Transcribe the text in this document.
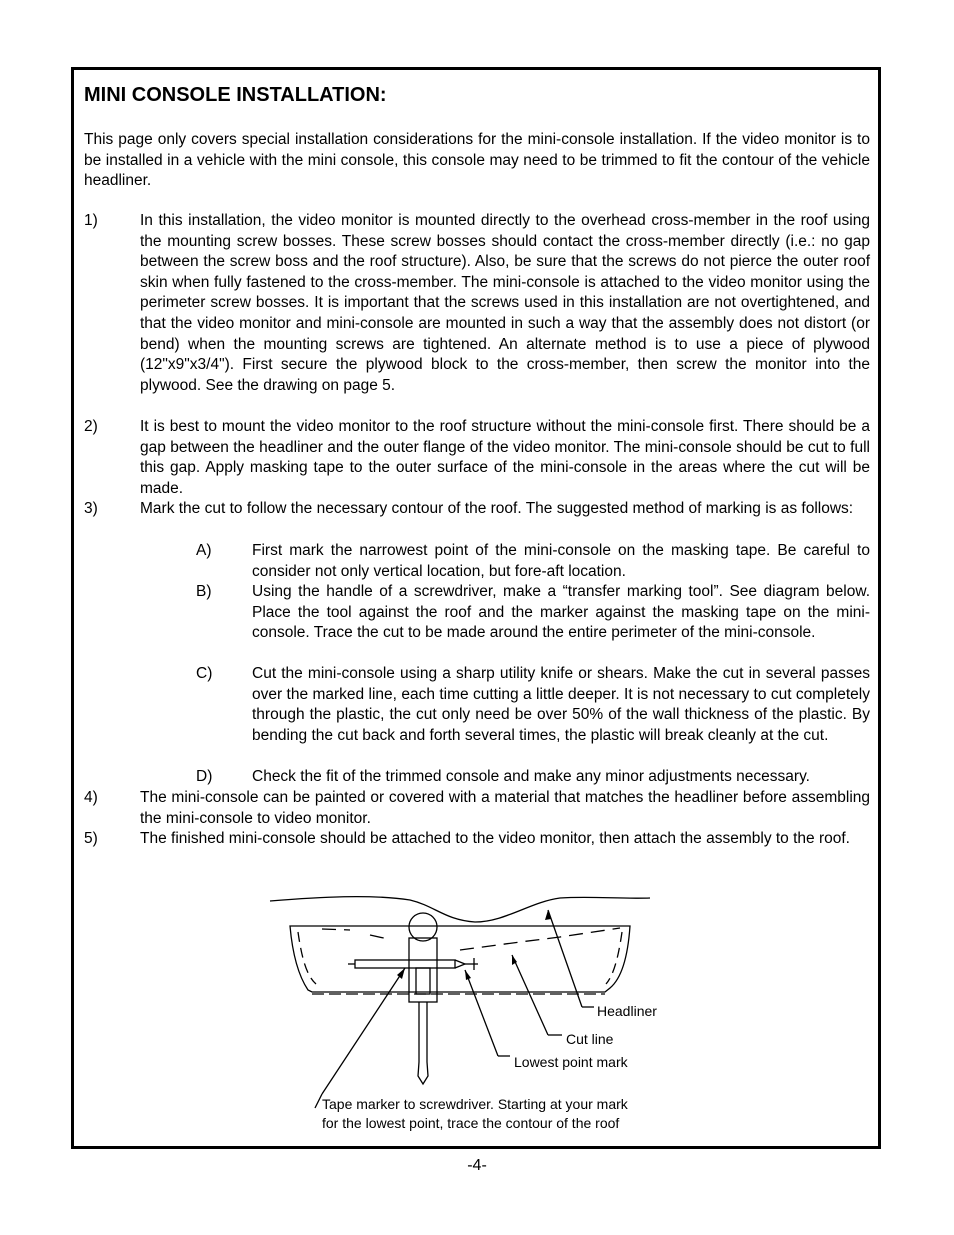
MINI CONSOLE INSTALLATION:

This page only covers special installation considerations for the mini-console installation. If the video monitor is to be installed in a vehicle with the mini console, this console may need to be trimmed to fit the contour of the vehicle headliner.

1)	In this installation, the video monitor is mounted directly to the overhead cross-member in the roof using the mounting screw bosses. These screw bosses should contact the cross-member directly (i.e.: no gap between the screw boss and the roof structure). Also, be sure that the screws do not pierce the outer roof skin when fully fastened to the cross-member. The mini-console is attached to the video monitor using the perimeter screw bosses. It is important that the screws used in this installation are not overtightened, and that the video monitor and mini-console are mounted in such a way that the assembly does not distort (or bend) when the mounting screws are tightened. An alternate method is to use a piece of plywood (12"x9"x3/4"). First secure the plywood block to the cross-member, then screw the monitor into the plywood. See the drawing on page 5.
2)	It is best to mount the video monitor to the roof structure without the mini-console first. There should be a gap between the headliner and the outer flange of the video monitor. The mini-console should be cut to full this gap. Apply masking tape to the outer surface of the mini-console in the areas where the cut will be made.
3)	Mark the cut to follow the necessary contour of the roof. The suggested method of marking is as follows:
A)	First mark the narrowest point of the mini-console on the masking tape. Be careful to consider not only vertical location, but fore-aft location.
B)	Using the handle of a screwdriver, make a “transfer marking tool”. See diagram below. Place the tool against the roof and the marker against the masking tape on the mini-console. Trace the cut to be made around the entire perimeter of the mini-console.
C)	Cut the mini-console using a sharp utility knife or shears. Make the cut in several passes over the marked line, each time cutting a little deeper. It is not necessary to cut completely through the plastic, the cut only need be over 50% of the wall thickness of the plastic. By bending the cut back and forth several times, the plastic will break cleanly at the cut.
D)	Check the fit of the trimmed console and make any minor adjustments necessary.
4)	The mini-console can be painted or covered with a material that matches the headliner before assembling the mini-console to video monitor.
5)	The finished mini-console should be attached to the video monitor, then attach the assembly to the roof.
Headliner
Cut line
Lowest point mark
Tape marker to screwdriver. Starting at your mark
for the lowest point, trace the contour of the roof
-4-
